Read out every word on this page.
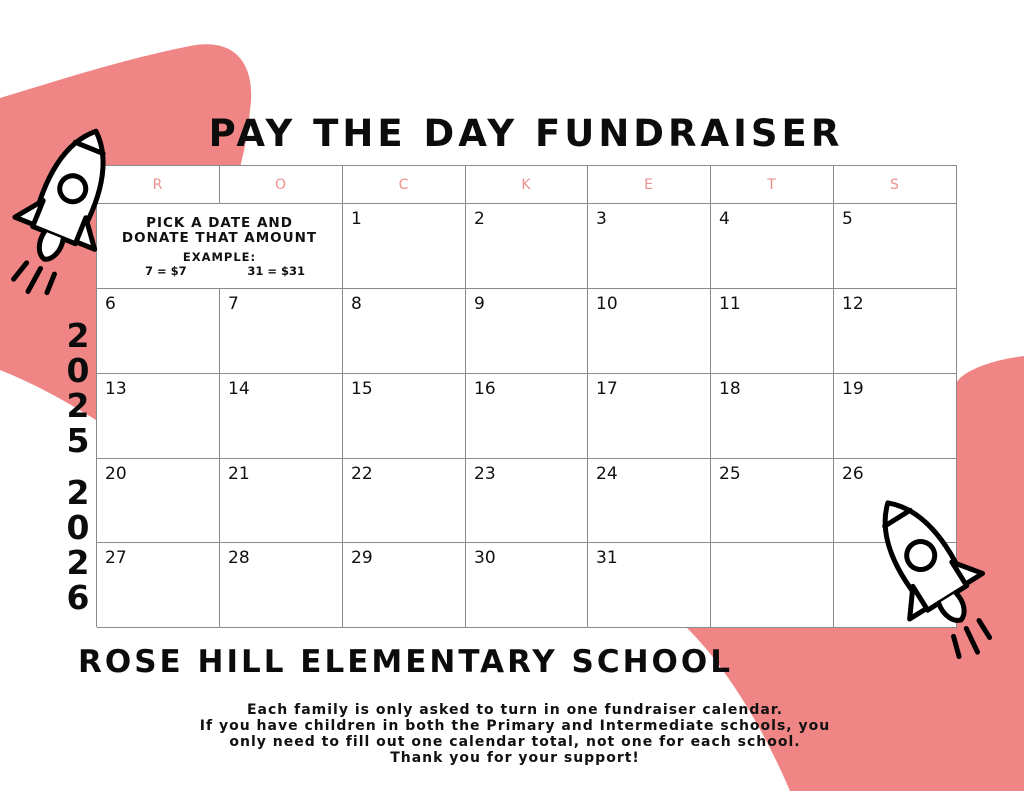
PAY THE DAY FUNDRAISER
R	O	C	K	E	T	S
PICK A DATE AND
DONATE THAT AMOUNT
EXAMPLE:
7 = $7	31 = $31
1	2	3	4	5
6	7	8	9	10	11	12
13	14	15	16	17	18	19
20	21	22	23	24	25	26
27	28	29	30	31
2
0
2
5
2
0
2
6
ROSE HILL ELEMENTARY SCHOOL
Each family is only asked to turn in one fundraiser calendar.
If you have children in both the Primary and Intermediate schools, you
only need to fill out one calendar total, not one for each school.
Thank you for your support!
